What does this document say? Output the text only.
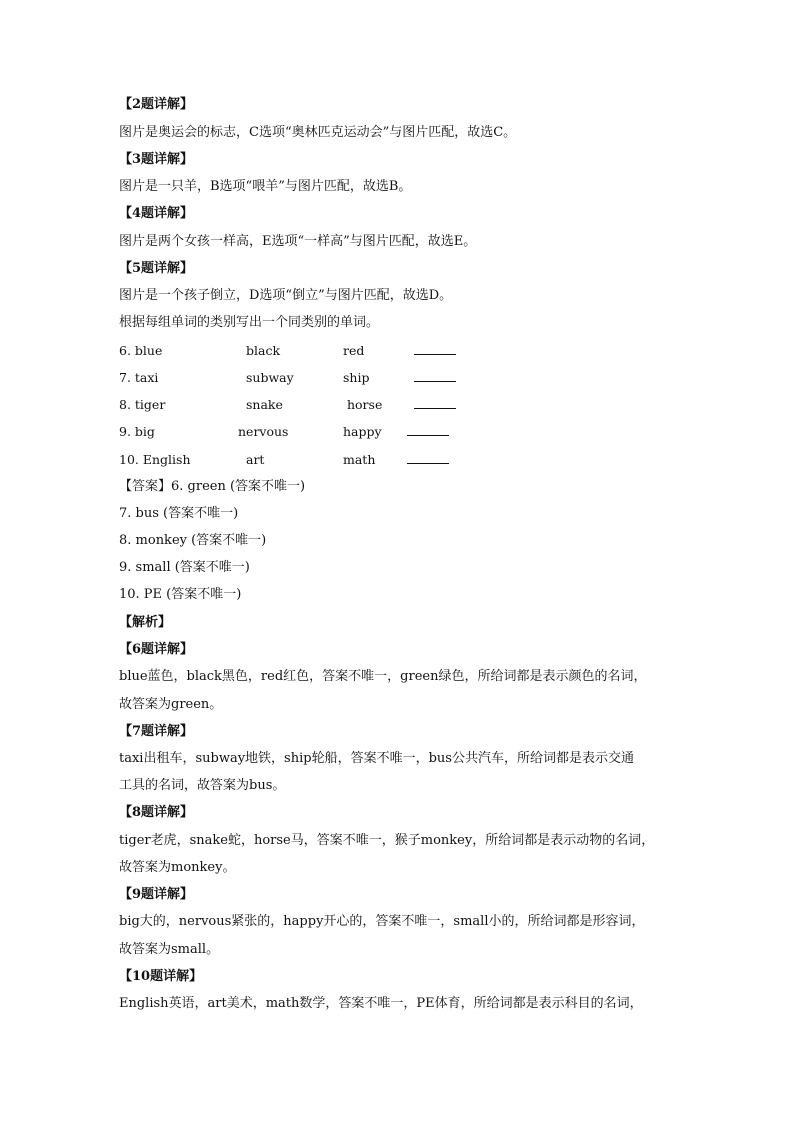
【2题详解】
图片是奥运会的标志，C选项“奥林匹克运动会”与图片匹配，故选C。
【3题详解】
图片是一只羊，B选项“喂羊”与图片匹配，故选B。
【4题详解】
图片是两个女孩一样高，E选项“一样高”与图片匹配，故选E。
【5题详解】
图片是一个孩子倒立，D选项“倒立”与图片匹配，故选D。
根据每组单词的类别写出一个同类别的单词。
6. blue	black	red
7. taxi	subway	ship
8. tiger	snake	horse
9. big	nervous	happy
10. English	art	math
【答案】6. green (答案不唯一)
7. bus (答案不唯一)
8. monkey (答案不唯一)
9. small (答案不唯一)
10. PE (答案不唯一)
【解析】
【6题详解】
blue蓝色，black黑色，red红色，答案不唯一，green绿色，所给词都是表示颜色的名词，
故答案为green。
【7题详解】
taxi出租车，subway地铁，ship轮船，答案不唯一，bus公共汽车，所给词都是表示交通
工具的名词，故答案为bus。
【8题详解】
tiger老虎，snake蛇，horse马，答案不唯一，猴子monkey，所给词都是表示动物的名词，
故答案为monkey。
【9题详解】
big大的，nervous紧张的，happy开心的，答案不唯一，small小的，所给词都是形容词，
故答案为small。
【10题详解】
English英语，art美术，math数学，答案不唯一，PE体育，所给词都是表示科目的名词，
